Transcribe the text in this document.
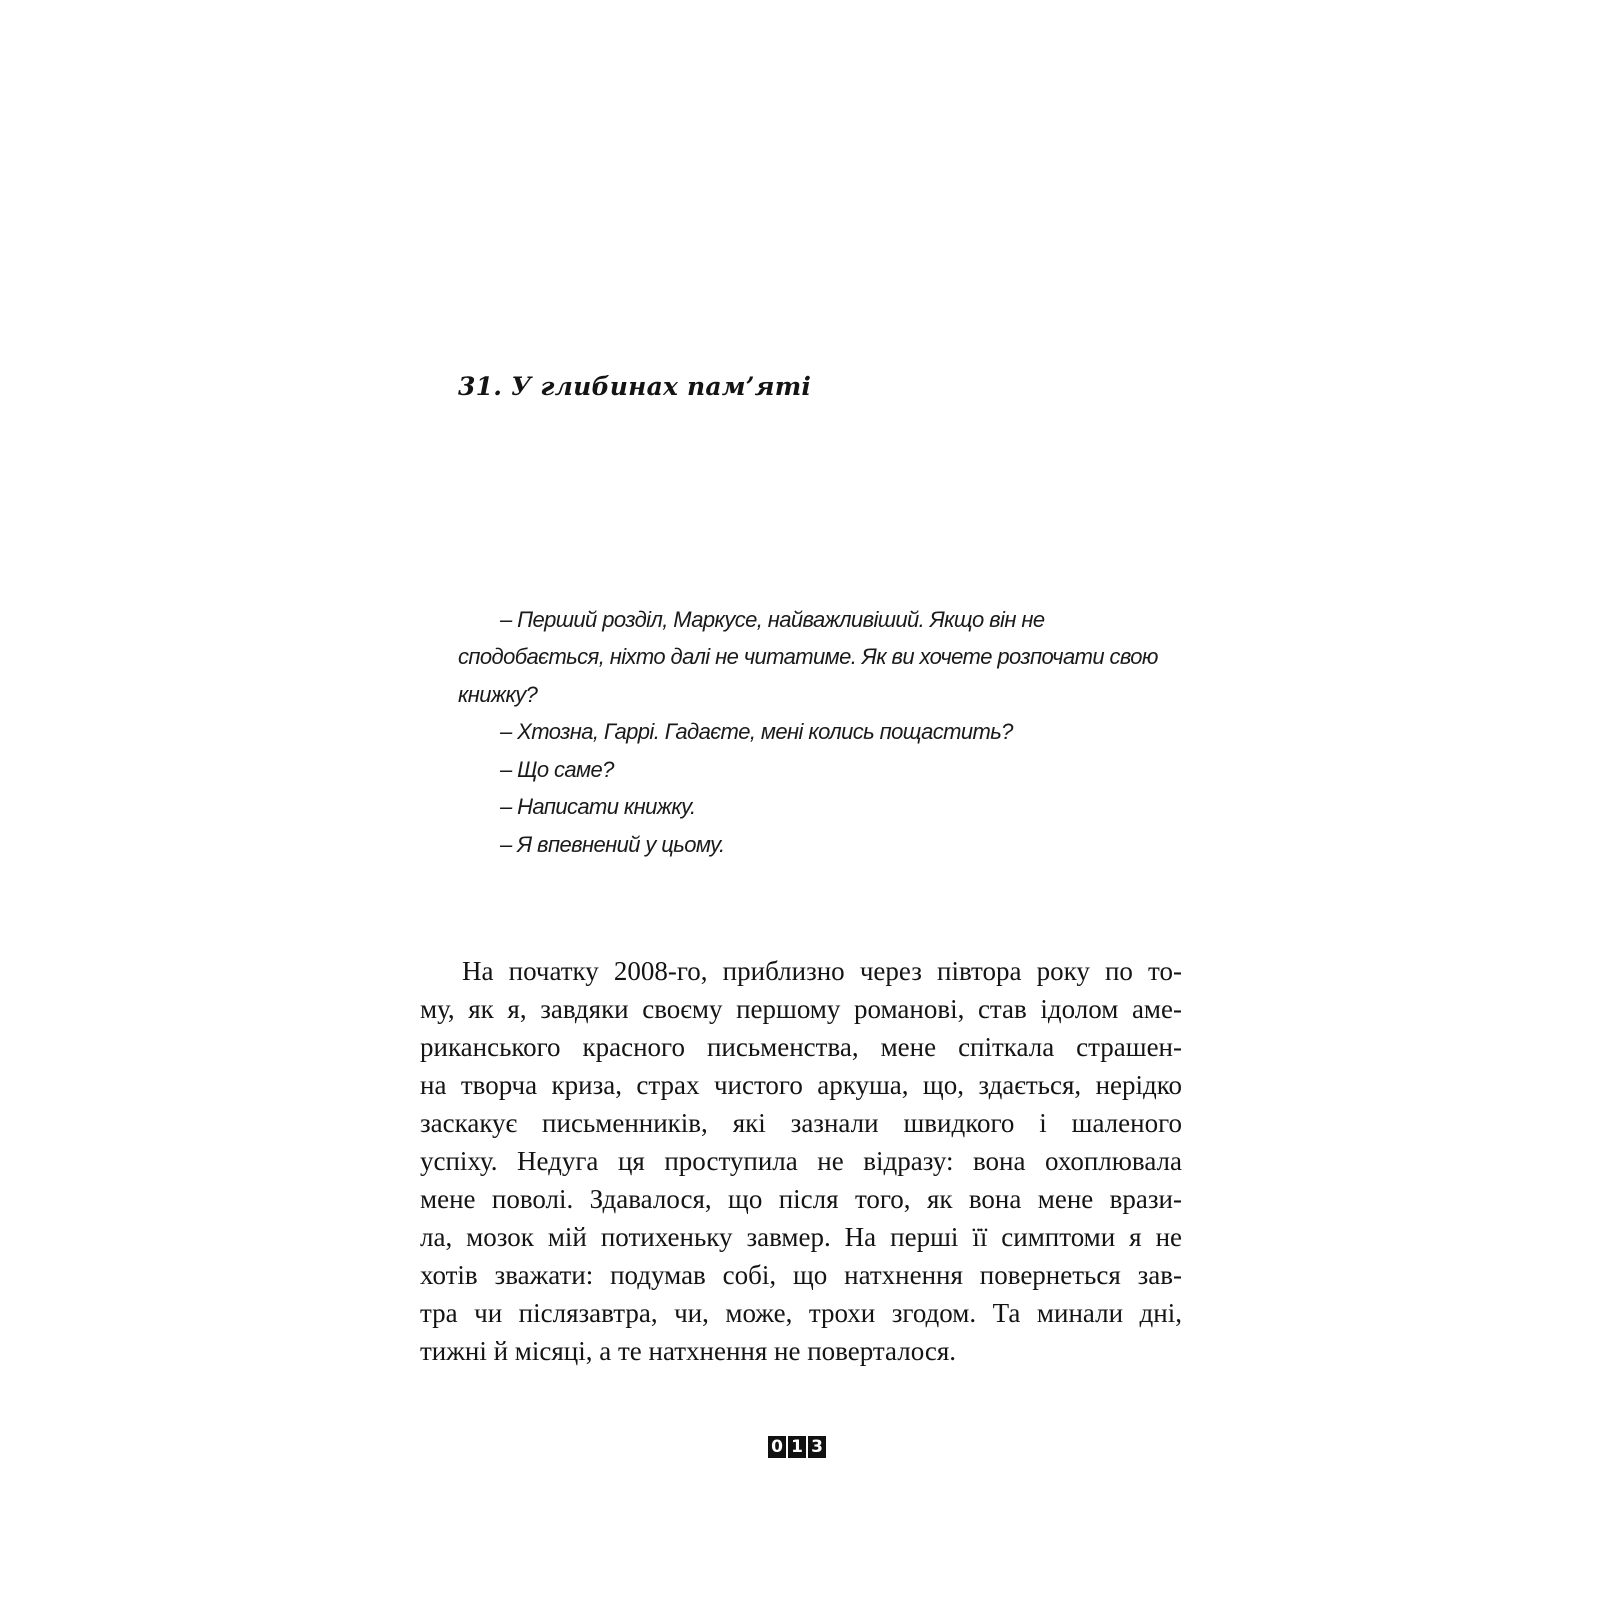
31. У глибинах пам’яті

– Перший розділ, Маркусе, найважливіший. Якщо він не

сподобається, ніхто далі не читатиме. Як ви хочете розпочати свою

книжку?

– Хтозна, Гаррі. Гадаєте, мені колись пощастить?

– Що саме?

– Написати книжку.

– Я впевнений у цьому.

На початку 2008-го, приблизно через півтора року по то-

му, як я, завдяки своєму першому романові, став ідолом аме-

риканського красного письменства, мене спіткала страшен-

на творча криза, страх чистого аркуша, що, здається, нерідко

заскакує письменників, які зазнали швидкого і шаленого

успіху. Недуга ця проступила не відразу: вона охоплювала

мене поволі. Здавалося, що після того, як вона мене врази-

ла, мозок мій потихеньку завмер. На перші її симптоми я не

хотів зважати: подумав собі, що натхнення повернеться зав-

тра чи післязавтра, чи, може, трохи згодом. Та минали дні,

тижні й місяці, а те натхнення не поверталося.

0 1 3
